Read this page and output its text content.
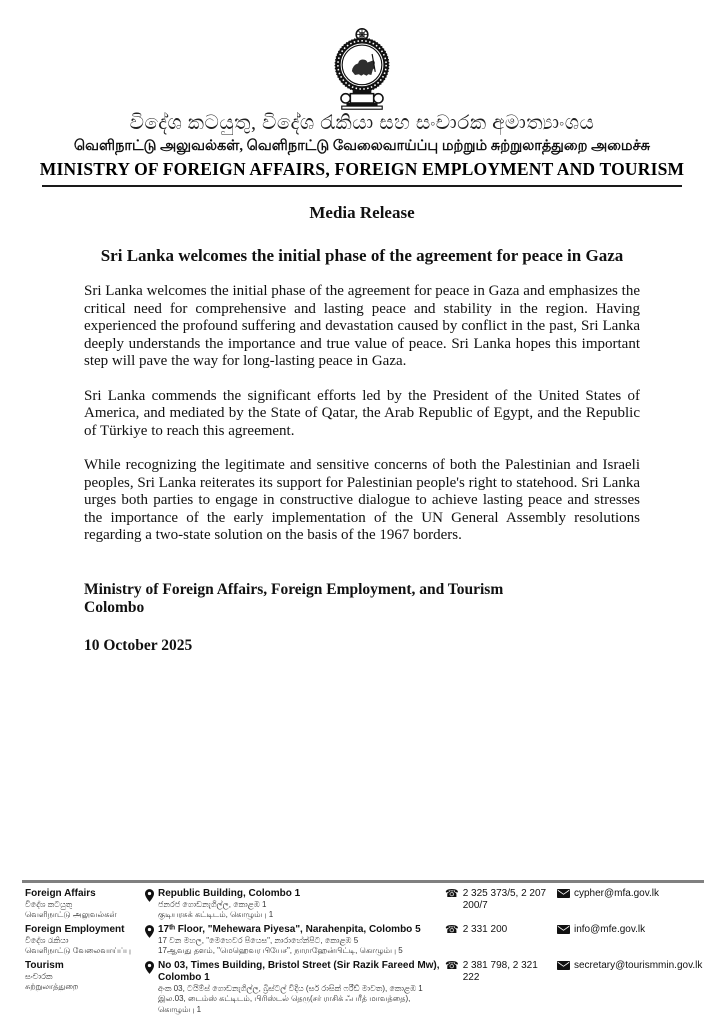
විදේශ කටයුතු, විදේශ රැකියා සහ සංචාරක අමාත්‍යාංශය
வெளிநாட்டு அலுவல்கள், வெளிநாட்டு வேலைவாய்ப்பு மற்றும் சுற்றுலாத்துறை அமைச்சு
MINISTRY OF FOREIGN AFFAIRS, FOREIGN EMPLOYMENT AND TOURISM
Media Release
Sri Lanka welcomes the initial phase of the agreement for peace in Gaza

Sri Lanka welcomes the initial phase of the agreement for peace in Gaza and emphasizes the critical need for comprehensive and lasting peace and stability in the region. Having experienced the profound suffering and devastation caused by conflict in the past, Sri Lanka deeply understands the importance and true value of peace. Sri Lanka hopes this important step will pave the way for long-lasting peace in Gaza.

Sri Lanka commends the significant efforts led by the President of the United States of America, and mediated by the State of Qatar, the Arab Republic of Egypt, and the Republic of Türkiye to reach this agreement.

While recognizing the legitimate and sensitive concerns of both the Palestinian and Israeli peoples, Sri Lanka reiterates its support for Palestinian people's right to statehood. Sri Lanka urges both parties to engage in constructive dialogue to achieve lasting peace and stresses the importance of the early implementation of the UN General Assembly resolutions regarding a two-state solution on the basis of the 1967 borders.

Ministry of Foreign Affairs, Foreign Employment, and Tourism
Colombo
10 October 2025
Foreign Affairs
විදේශ කටයුතු
வெளிநாட்டு அலுவல்கள்
Republic Building, Colombo 1
ජනරජ ගොඩනැගිල්ල, කොළඹ 1
குடியரசுக் கட்டிடம், கொழும்பு 1
☎ 2 325 373/5, 2 207 200/7
cypher@mfa.gov.lk
Foreign Employment
විදේශ රැකියා
வெளிநாட்டு வேலைவாய்ப்பு
17ᵗʰ Floor, "Mehewara Piyesa", Narahenpita, Colombo 5
17 වන මහල, "මෙහෙවර පියෙස", නාරාහේන්පිට, කොළඹ 5
17ஆவது தளம், "மெஹெவர பியேச", நாராஹேன்பிட்டி, கொழும்பு 5
☎ 2 331 200	info@mfe.gov.lk
Tourism
සංචාරක
சுற்றுலாத்துறை
No 03, Times Building, Bristol Street (Sir Razik Fareed Mw), Colombo 1
අංක 03, ටයිම්ස් ගොඩනැගිල්ල, බ්‍රිස්ටල් වීදිය (සර් රාසික් ෆරීඩ් මාවත), කොළඹ 1
இல.03, டைம்ஸ் கட்டிடம், பிரிஸ்டல் தெரு(சர் ராசிக் ஃபரீத் மாவத்தை), கொழும்பு 1
☎ 2 381 798, 2 321 222
secretary@tourismmin.gov.lk
